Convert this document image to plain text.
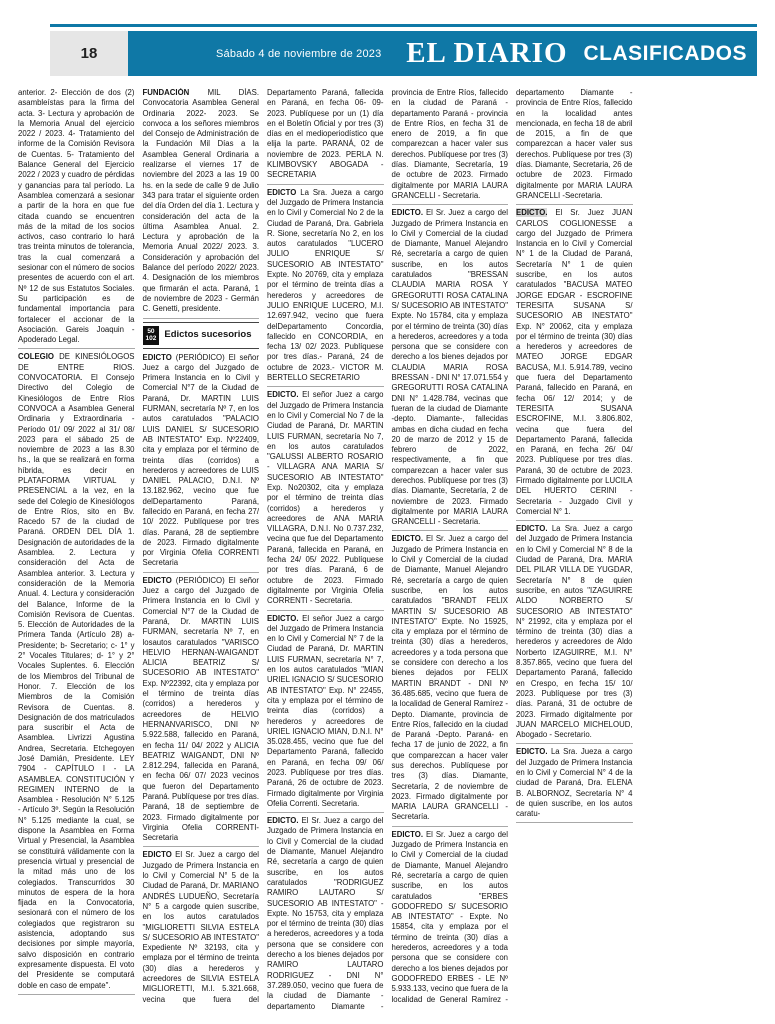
18	Sábado 4 de noviembre de 2023 EL DIARIO CLASIFICADOS

anterior. 2- Elección de dos (2) asambleístas para la firma del acta. 3- Lectura y aprobación de la Memoria Anual del ejercicio 2022 / 2023. 4- Tratamiento del informe de la Comisión Revisora de Cuentas. 5- Tratamiento del Balance General del Ejercicio 2022 / 2023 y cuadro de pérdidas y ganancias para tal período. La Asamblea comenzará a sesionar a partir de la hora en que fue citada cuando se encuentren más de la mitad de los socios activos, caso contrario lo hará tras treinta minutos de tolerancia, tras la cual comenzará a sesionar con el número de socios presentes de acuerdo con el art. Nº 12 de sus Estatutos Sociales. Su participación es de fundamental importancia para fortalecer el accionar de la Asociación. Gareis Joaquin - Apoderado Legal.

COLEGIO DE KINESIÓLOGOS DE ENTRE RIOS. CONVOCATORIA. El Consejo Directivo del Colegio de Kinesiólogos de Entre Ríos CONVOCA a Asamblea General Ordinaria y Extraordinaria - Período 01/ 09/ 2022 al 31/ 08/ 2023 para el sábado 25 de noviembre de 2023 a las 8.30 hs., la que se realizará en forma híbrida, es decir en PLATAFORMA VIRTUAL y PRESENCIAL a la vez, en la sede del Colegio de Kinesiólogos de Entre Ríos, sito en Bv. Racedo 57 de la ciudad de Paraná. ORDEN DEL DÍA 1. Designación de autoridades de la Asamblea. 2. Lectura y consideración del Acta de Asamblea anterior. 3. Lectura y consideración de la Memoria Anual. 4. Lectura y consideración del Balance, Informe de la Comisión Revisora de Cuentas. 5. Elección de Autoridades de la Primera Tanda (Artículo 28) a- Presidente; b- Secretario; c- 1° y 2° Vocales Titulares; d- 1° y 2° Vocales Suplentes. 6. Elección de los Miembros del Tribunal de Honor. 7. Elección de los Miembros de la Comisión Revisora de Cuentas. 8. Designación de dos matriculados para suscribir el Acta de Asamblea. Livrizzi Agustina Andrea, Secretaria. Etchegoyen José Damián, Presidente. LEY 7904 - CAPÍTULO I - LA ASAMBLEA. CONSTITUCIÓN Y REGIMEN INTERNO de la Asamblea - Resolución N° 5.125 - Artículo 3º. Según la Resolución N° 5.125 mediante la cual, se dispone la Asamblea en Forma Virtual y Presencial, la Asamblea se constituirá válidamente con la presencia virtual y presencial de la mitad más uno de los colegiados. Transcurridos 30 minutos de espera de la hora fijada en la Convocatoria, sesionará con el número de los colegiados que registraron su asistencia, adoptando sus decisiones por simple mayoría, salvo disposición en contrario expresamente dispuesta. El voto del Presidente se computará doble en caso de empate".

FUNDACIÓN MIL DÍAS. Convocatoria Asamblea General Ordinaria 2022- 2023. Se convoca a los señores miembros del Consejo de Administración de la Fundación Mil Días a la Asamblea General Ordinaria a realizarse el viernes 17 de noviembre del 2023 a las 19 00 hs. en la sede de calle 9 de Julio 343 para tratar el siguiente orden del día Orden del día 1. Lectura y consideración del acta de la última Asamblea Anual. 2. Lectura y aprobación de la Memoria Anual 2022/ 2023. 3. Consideración y aprobación del Balance del período 2022/ 2023. 4. Designación de los miembros que firmarán el acta. Paraná, 1 de noviembre de 2023 - Germán C. Genetti, presidente.

50
102 Edictos sucesorios

EDICTO (PERIÓDICO) El señor Juez a cargo del Juzgado de Primera Instancia en lo Civil y Comercial N°7 de la Ciudad de Paraná, Dr. MARTIN LUIS FURMAN, secretaría Nº 7, en los autos caratulados "PALACIO LUIS DANIEL S/ SUCESORIO AB INTESTATO" Exp. Nº22409, cita y emplaza por el término de treinta días (corridos) a herederos y acreedores de LUIS DANIEL PALACIO, D.N.I. Nº 13.182.962, vecino que fue delDepartamento Paraná, fallecido en Paraná, en fecha 27/ 10/ 2022. Publíquese por tres días. Paraná, 28 de septiembre de 2023. Firmado digitalmente por Virginia Ofelia CORRENTI Secretaria

EDICTO (PERIÓDICO) El señor Juez a cargo del Juzgado de Primera Instancia en lo Civil y Comercial N°7 de la Ciudad de Paraná, Dr. MARTIN LUIS FURMAN, secretaría Nº 7, en losautos caratulados "VARISCO HELVIO HERNAN-WAIGANDT ALICIA BEATRIZ S/ SUCESORIO AB INTESTATO" Exp. Nº22392, cita y emplaza por el término de treinta días (corridos) a herederos y acreedores de HELVIO HERNANVARISCO, DNI Nº 5.922.588, fallecido en Paraná, en fecha 11/ 04/ 2022 y ALICIA BEATRIZ WAIGANDT, DNI Nº 2.812.294, fallecida en Paraná, en fecha 06/ 07/ 2023 vecinos que fueron del Departamento Paraná. Publíquese por tres días. Paraná, 18 de septiembre de 2023. Firmado digitalmente por Virginia Ofelia CORRENTI- Secretaria

EDICTO El Sr. Juez a cargo del Juzgado de Primera Instancia en lo Civil y Comercial N° 5 de la Ciudad de Paraná, Dr. MARIANO ANDRÉS LUDUEÑO, Secretaría N° 5 a cargode quien suscribe, en los autos caratulados "MIGLIORETTI SILVIA ESTELA S/ SUCESORIO AB INTESTATO" Expediente Nº 32193, cita y emplaza por el término de treinta (30) días a herederos y acreedores de SILVIA ESTELA MIGLIORETTI, M.I. 5.321.668, vecina que fuera del Departamento Paraná, fallecida en Paraná, en fecha 06- 09- 2023. Publíquese por un (1) día en el Boletín Oficial y por tres (3) días en el medioperiodístico que elija la parte. PARANÁ, 02 de noviembre de 2023. PERLA N. KLIMBOVSKY ABOGADA - SECRETARIA

EDICTO La Sra. Jueza a cargo del Juzgado de Primera Instancia en lo Civil y Comercial No 2 de la Ciudad de Paraná, Dra. Gabriela R. Sione, secretaría No 2, en los autos caratulados "LUCERO JULIO ENRIQUE S/ SUCESORIO AB INTESTATO" Expte. No 20769, cita y emplaza por el término de treinta días a herederos y acreedores de JULIO ENRIQUE LUCERO, M.I. 12.697.942, vecino que fuera delDepartamento Concordia, fallecido en CONCORDIA, en fecha 13/ 02/ 2023. Publíquese por tres días.- Paraná, 24 de octubre de 2023.- VICTOR M. BERTELLO SECRETARIO

EDICTO. El señor Juez a cargo del Juzgado de Primera Instancia en lo Civil y Comercial No 7 de la Ciudad de Paraná, Dr. MARTIN LUIS FURMAN, secretaría No 7, en los autos caratulados "GALUSSI ALBERTO ROSARIO - VILLAGRA ANA MARIA S/ SUCESORIO AB INTESTATO" Exp. No20302, cita y emplaza por el término de treinta días (corridos) a herederos y acreedores de ANA MARIA VILLAGRA, D.N.I. No 0.737.232, vecina que fue del Departamento Paraná, fallecida en Paraná, en fecha 24/ 05/ 2022. Publíquese por tres días. Paraná, 6 de octubre de 2023. Firmado digitalmente por Virginia Ofelia CORRENTI - Secretaria.

EDICTO. El señor Juez a cargo del Juzgado de Primera Instancia en lo Civil y Comercial N° 7 de la Ciudad de Paraná, Dr. MARTIN LUIS FURMAN, secretaría N° 7, en los autos caratulados "MIAN URIEL IGNACIO S/ SUCESORIO AB INTESTATO" Exp. N° 22455, cita y emplaza por el término de treinta días (corridos) a herederos y acreedores de URIEL IGNACIO MIAN, D.N.I. N° 35.028.455, vecino que fue del Departamento Paraná, fallecido en Paraná, en fecha 09/ 06/ 2023. Publíquese por tres días. Paraná, 26 de octubre de 2023. Firmado digitalmente por Virginia Ofelia Correnti. Secretaria.

EDICTO. El Sr. Juez a cargo del Juzgado de Primera Instancia en lo Civil y Comercial de la ciudad de Diamante, Manuel Alejandro Ré, secretaría a cargo de quien suscribe, en los autos caratulados "RODRIGUEZ RAMIRO LAUTARO S/ SUCESORIO AB INTESTATO" - Expte. No 15753, cita y emplaza por el término de treinta (30) días a herederos, acreedores y a toda persona que se considere con derecho a los bienes dejados por RAMIRO LAUTARO RODRIGUEZ - DNI N° 37.289.050, vecino que fuera de la ciudad de Diamante - departamento Diamante - provincia de Entre Ríos, fallecido en la ciudad de Paraná - departamento Paraná - provincia de Entre Ríos, en fecha 31 de enero de 2019, a fin que comparezcan a hacer valer sus derechos. Publíquese por tres (3) días. Diamante, Secretaría, 19 de octubre de 2023. Firmado digitalmente por MARIA LAURA GRANCELLI - Secretaria.

EDICTO. El Sr. Juez a cargo del Juzgado de Primera Instancia en lo Civil y Comercial de la ciudad de Diamante, Manuel Alejandro Ré, secretaría a cargo de quien suscribe, en los autos caratulados "BRESSAN CLAUDIA MARIA ROSA Y GREGORUTTI ROSA CATALINA S/ SUCESORIO AB INTESTATO" Expte. No 15784, cita y emplaza por el término de treinta (30) días a herederos, acreedores y a toda persona que se considere con derecho a los bienes dejados por CLAUDIA MARIA ROSA BRESSAN - DNI N° 17.071.554 y GREGORUTTI ROSA CATALINA DNI N° 1.428.784, vecinas que fueran de la ciudad de Diamante -depto. Diamante-, fallecidas ambas en dicha ciudad en fecha 20 de marzo de 2012 y 15 de febrero de 2022, respectivamente, a fin que comparezcan a hacer valer sus derechos. Publíquese por tres (3) días. Diamante, Secretaría, 2 de noviembre de 2023. Firmado digitalmente por MARIA LAURA GRANCELLI - Secretaria.

EDICTO. El Sr. Juez a cargo del Juzgado de Primera Instancia en lo Civil y Comercial de la ciudad de Diamante, Manuel Alejandro Ré, secretaría a cargo de quien suscribe, en los autos caratulados "BRANDT FELIX MARTIN S/ SUCESORIO AB INTESTATO" Expte. No 15925, cita y emplaza por el término de treinta (30) días a herederos, acreedores y a toda persona que se considere con derecho a los bienes dejados por FELIX MARTIN BRANDT - DNI Nº 36.485.685, vecino que fuera de la localidad de General Ramírez - Depto. Diamante, provincia de Entre Ríos, fallecido en la ciudad de Paraná -Depto. Paraná- en fecha 17 de junio de 2022, a fin que comparezcan a hacer valer sus derechos. Publíquese por tres (3) días. Diamante, Secretaría, 2 de noviembre de 2023. Firmado digitalmente por MARIA LAURA GRANCELLI - Secretaría.

EDICTO. El Sr. Juez a cargo del Juzgado de Primera Instancia en lo Civil y Comercial de la ciudad de Diamante, Manuel Alejandro Ré, secretaría a cargo de quien suscribe, en los autos caratulados "ERBES GODOFREDO S/ SUCESORIO AB INTESTATO" - Expte. No 15854, cita y emplaza por el término de treinta (30) días a herederos, acreedores y a toda persona que se considere con derecho a los bienes dejados por GODOFREDO ERBES - LE Nº 5.933.133, vecino que fuera de la localidad de General Ramírez - departamento Diamante - provincia de Entre Ríos, fallecido en la localidad antes mencionada, en fecha 18 de abril de 2015, a fin de que comparezcan a hacer valer sus derechos. Publíquese por tres (3) días. Diamante, Secretaria, 26 de octubre de 2023. Firmado digitalmente por MARIA LAURA GRANCELLI -Secretaria.

EDICTO. El Sr. Juez JUAN CARLOS COGLIONESSE a cargo del Juzgado de Primera Instancia en lo Civil y Comercial N° 1 de la Ciudad de Paraná, Secretaría N° 1 de quien suscribe, en los autos caratulados "BACUSA MATEO JORGE EDGAR - ESCROFINE TERESITA SUSANA S/ SUCESORIO AB INESTATO" Exp. N° 20062, cita y emplaza por el término de treinta (30) días a herederos y acreedores de MATEO JORGE EDGAR BACUSA, M.I. 5.914.789, vecino que fuera del Departamento Paraná, fallecido en Paraná, en fecha 06/ 12/ 2014; y de TERESITA SUSANA ESCROFINE, M.I. 3.806.802, vecina que fuera del Departamento Paraná, fallecida en Paraná, en fecha 26/ 04/ 2023. Publíquese por tres días. Paraná, 30 de octubre de 2023. Firmado digitalmente por LUCILA DEL HUERTO CERINI - Secretaria - Juzgado Civil y Comercial N° 1.

EDICTO. La Sra. Juez a cargo del Juzgado de Primera Instancia en lo Civil y Comercial N° 8 de la Ciudad de Paraná, Dra. MARIA DEL PILAR VILLA DE YUGDAR, Secretaría N° 8 de quien suscribe, en autos "IZAGUIRRE ALDO NORBERTO S/ SUCESORIO AB INTESTATO" N° 21992, cita y emplaza por el término de treinta (30) días a herederos y acreedores de Aldo Norberto IZAGUIRRE, M.I. N° 8.357.865, vecino que fuera del Departamento Paraná, fallecido en Crespo, en fecha 15/ 10/ 2023. Publíquese por tres (3) días. Paraná, 31 de octubre de 2023. Firmado digitalmente por JUAN MARCELO MICHELOUD, Abogado - Secretario.

EDICTO. La Sra. Jueza a cargo del Juzgado de Primera Instancia en lo Civil y Comercial N° 4 de la ciudad de Paraná, Dra. ELENA B. ALBORNOZ, Secretaría N° 4 de quien suscribe, en los autos caratu-
